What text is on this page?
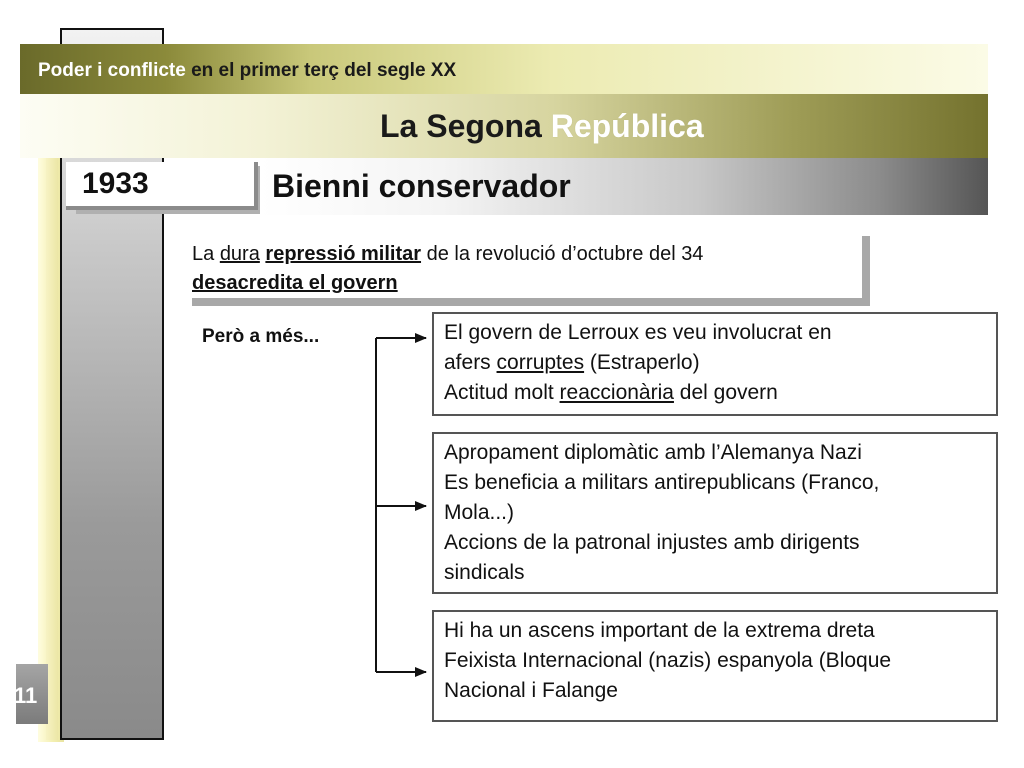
Poder i conflicte en el primer terç del segle XX
La Segona República
1933	Bienni conservador
La dura repressió militar de la revolució d’octubre del 34
desacredita el govern
Però a més...	El govern de Lerroux es veu involucrat en
afers corruptes (Estraperlo)
Actitud molt reaccionària del govern
Apropament diplomàtic amb l’Alemanya Nazi
Es beneficia a militars antirepublicans (Franco,
Mola...)
Accions de la patronal injustes amb dirigents
sindicals
Hi ha un ascens important de la extrema dreta
Feixista Internacional (nazis) espanyola (Bloque
Nacional i Falange
11
